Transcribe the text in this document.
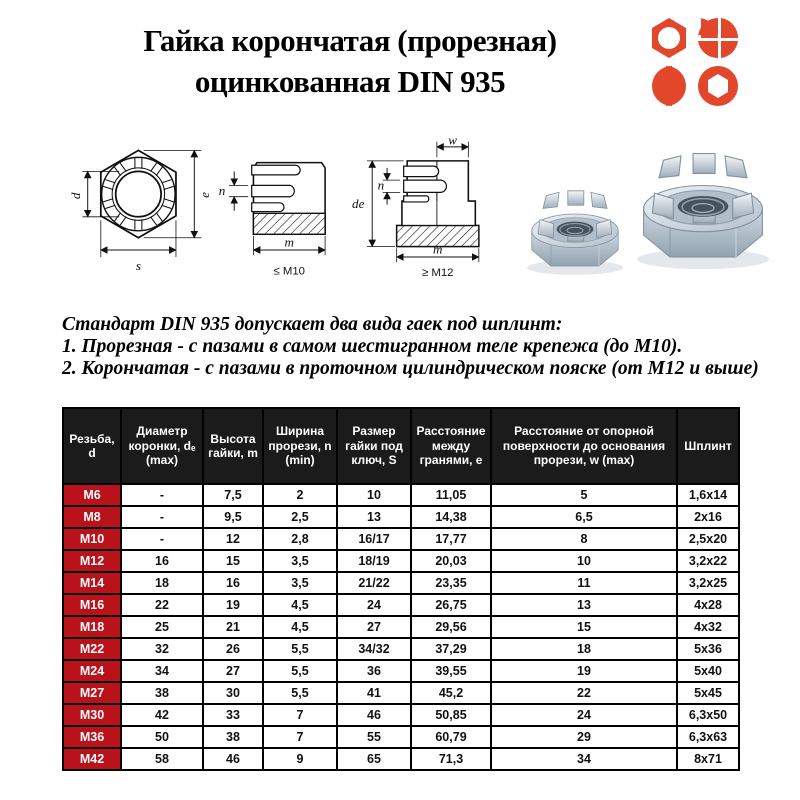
Гайка корончатая (прорезная)
оцинкованная DIN 935
d	e
s
n
m
≤ M10
w
de
n
m
≥ M12
Стандарт DIN 935 допускает два вида гаек под шплинт:
1. Прорезная - с пазами в самом шестигранном теле крепежа (до М10).
2. Корончатая - с пазами в проточном цилиндрическом пояске (от М12 и выше)
Резьба, d	Диаметр коронки, dₑ (max)	Высота гайки, m	Ширина прорези, n (min)	Размер гайки под ключ, S	Расстояние между гранями, e	Расстояние от опорной поверхности до основания прорези, w (max)	Шплинт
М6	-	7,5	2	10	11,05	5	1,6x14
М8	-	9,5	2,5	13	14,38	6,5	2x16
М10	-	12	2,8	16/17	17,77	8	2,5x20
М12	16	15	3,5	18/19	20,03	10	3,2x22
М14	18	16	3,5	21/22	23,35	11	3,2x25
М16	22	19	4,5	24	26,75	13	4x28
М18	25	21	4,5	27	29,56	15	4x32
М22	32	26	5,5	34/32	37,29	18	5x36
М24	34	27	5,5	36	39,55	19	5x40
М27	38	30	5,5	41	45,2	22	5x45
М30	42	33	7	46	50,85	24	6,3x50
М36	50	38	7	55	60,79	29	6,3x63
М42	58	46	9	65	71,3	34	8x71
